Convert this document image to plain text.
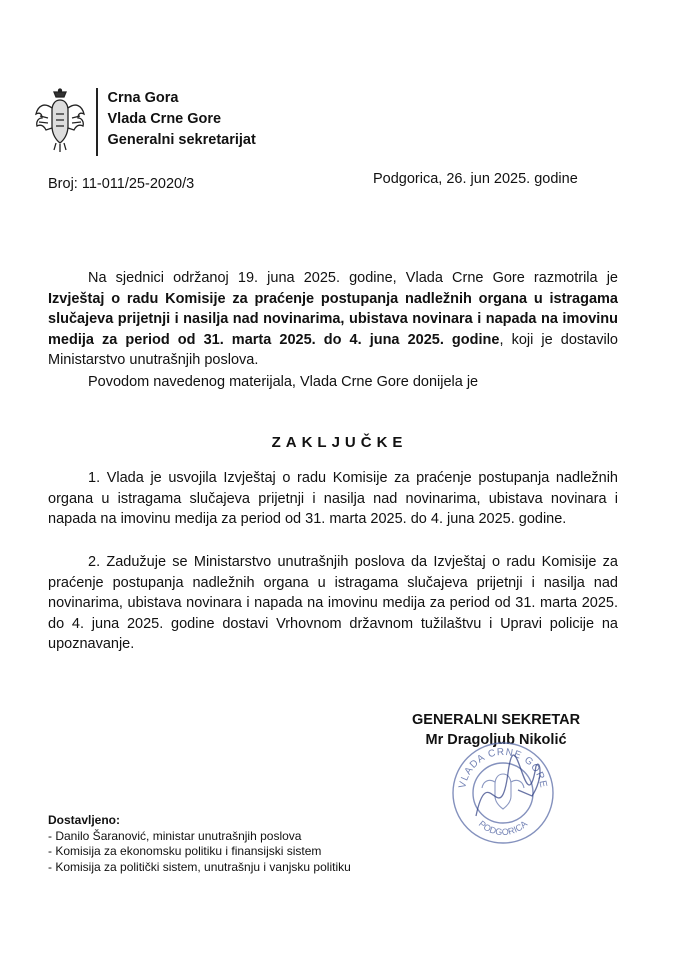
Crna Gora
Vlada Crne Gore
Generalni sekretarijat
Broj: 11-011/25-2020/3	Podgorica, 26. jun 2025. godine

Na sjednici održanoj 19. juna 2025. godine, Vlada Crne Gore razmotrila je Izvještaj o radu Komisije za praćenje postupanja nadležnih organa u istragama slučajeva prijetnji i nasilja nad novinarima, ubistava novinara i napada na imovinu medija za period od 31. marta 2025. do 4. juna 2025. godine, koji je dostavilo Ministarstvo unutrašnjih poslova.

Povodom navedenog materijala, Vlada Crne Gore donijela je

ZAKLJUČKE

1. Vlada je usvojila Izvještaj o radu Komisije za praćenje postupanja nadležnih organa u istragama slučajeva prijetnji i nasilja nad novinarima, ubistava novinara i napada na imovinu medija za period od 31. marta 2025. do 4. juna 2025. godine.

2. Zadužuje se Ministarstvo unutrašnjih poslova da Izvještaj o radu Komisije za praćenje postupanja nadležnih organa u istragama slučajeva prijetnji i nasilja nad novinarima, ubistava novinara i napada na imovinu medija za period od 31. marta 2025. do 4. juna 2025. godine dostavi Vrhovnom državnom tužilaštvu i Upravi policije na upoznavanje.

GENERALNI SEKRETAR
Mr Dragoljub Nikolić
VLADA CRNE GORE
PODGORICA
Dostavljeno:
- Danilo Šaranović, ministar unutrašnjih poslova
- Komisija za ekonomsku politiku i finansijski sistem
- Komisija za politički sistem, unutrašnju i vanjsku politiku
